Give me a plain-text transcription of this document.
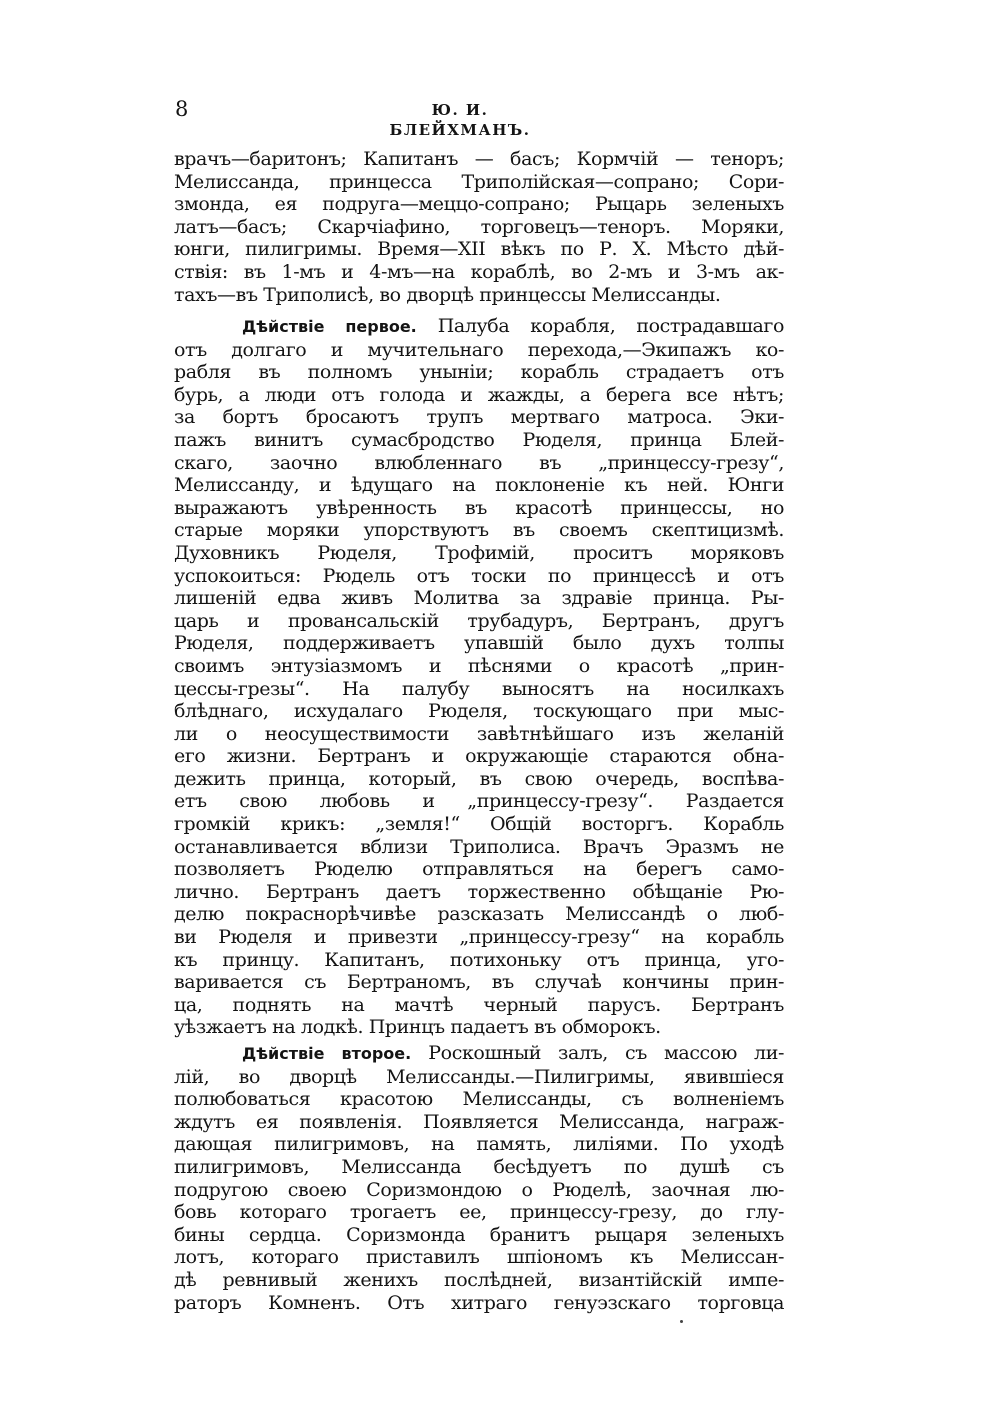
8	Ю. И. БЛЕЙХМАНЪ.
врачъ—баритонъ; Капитанъ — басъ; Кормчій — теноръ;
Мелиссанда, принцесса Триполійская—сопрано; Сори-
змонда, ея подруга—меццо-сопрано; Рыцарь зеленыхъ
латъ—басъ; Скарчіафино, торговецъ—теноръ. Моряки,
юнги, пилигримы. Время—XII вѣкъ по Р. Х. Мѣсто дѣй-
ствія: въ 1-мъ и 4-мъ—на кораблѣ, во 2-мъ и 3-мъ ак-
тахъ—въ Триполисѣ, во дворцѣ принцессы Мелиссанды.
Дѣйствіе первое. Палуба корабля, пострадавшаго
отъ долгаго и мучительнаго перехода,—Экипажъ ко-
рабля въ полномъ унынiи; корабль страдаетъ отъ
бурь, а люди отъ голода и жажды, а берега все нѣтъ;
за бортъ бросаютъ трупъ мертваго матроса. Эки-
пажъ винитъ сумасбродство Рюделя, принца Блей-
скаго, заочно влюбленнаго въ „принцессу-грезу“,
Мелиссанду, и ѣдущаго на поклоненіе къ ней. Юнги
выражаютъ увѣренность въ красотѣ принцессы, но
старые моряки упорствуютъ въ своемъ скептицизмѣ.
Духовникъ Рюделя, Трофимій, проситъ моряковъ
успокоиться: Рюдель отъ тоски по принцессѣ и отъ
лишеній едва живъ Молитва за здравіе принца. Ры-
царь и провансальскій трубадуръ, Бертранъ, другъ
Рюделя, поддерживаетъ упавшій было духъ толпы
своимъ энтузіазмомъ и пѣснями о красотѣ „прин-
цессы-грезы“. На палубу выносятъ на носилкахъ
блѣднаго, исхудалаго Рюделя, тоскующаго при мыс-
ли о неосуществимости завѣтнѣйшаго изъ желаній
его жизни. Бертранъ и окружающіе стараются обна-
дежить принца, который, въ свою очередь, воспѣва-
етъ свою любовь и „принцессу-грезу“. Раздается
громкій крикъ: „земля!“ Общій восторгъ. Корабль
останавливается вблизи Триполиса. Врачъ Эразмъ не
позволяетъ Рюделю отправляться на берегъ само-
лично. Бертранъ даетъ торжественно обѣщаніе Рю-
делю покраснорѣчивѣе разсказать Мелиссандѣ о люб-
ви Рюделя и привезти „принцессу-грезу“ на корабль
къ принцу. Капитанъ, потихоньку отъ принца, уго-
варивается съ Бертраномъ, въ случаѣ кончины прин-
ца, поднять на мачтѣ черный парусъ. Бертранъ
уѣзжаетъ на лодкѣ. Принцъ падаетъ въ обморокъ.
Дѣйствіе второе. Роскошный залъ, съ массою ли-
лій, во дворцѣ Мелиссанды.—Пилигримы, явившіеся
полюбоваться красотою Мелиссанды, съ волненіемъ
ждутъ ея появленія. Появляется Мелиссанда, награж-
дающая пилигримовъ, на память, лиліями. По уходѣ
пилигримовъ, Мелиссанда бесѣдуетъ по душѣ съ
подругою своею Соризмондою о Рюделѣ, заочная лю-
бовь котораго трогаетъ ее, принцессу-грезу, до глу-
бины сердца. Соризмонда бранитъ рыцаря зеленыхъ
лотъ, котораго приставилъ шпіономъ къ Мелиссан-
дѣ ревнивый женихъ послѣдней, византійскій импе-
раторъ Комненъ. Отъ хитраго генуэзскаго торговца
